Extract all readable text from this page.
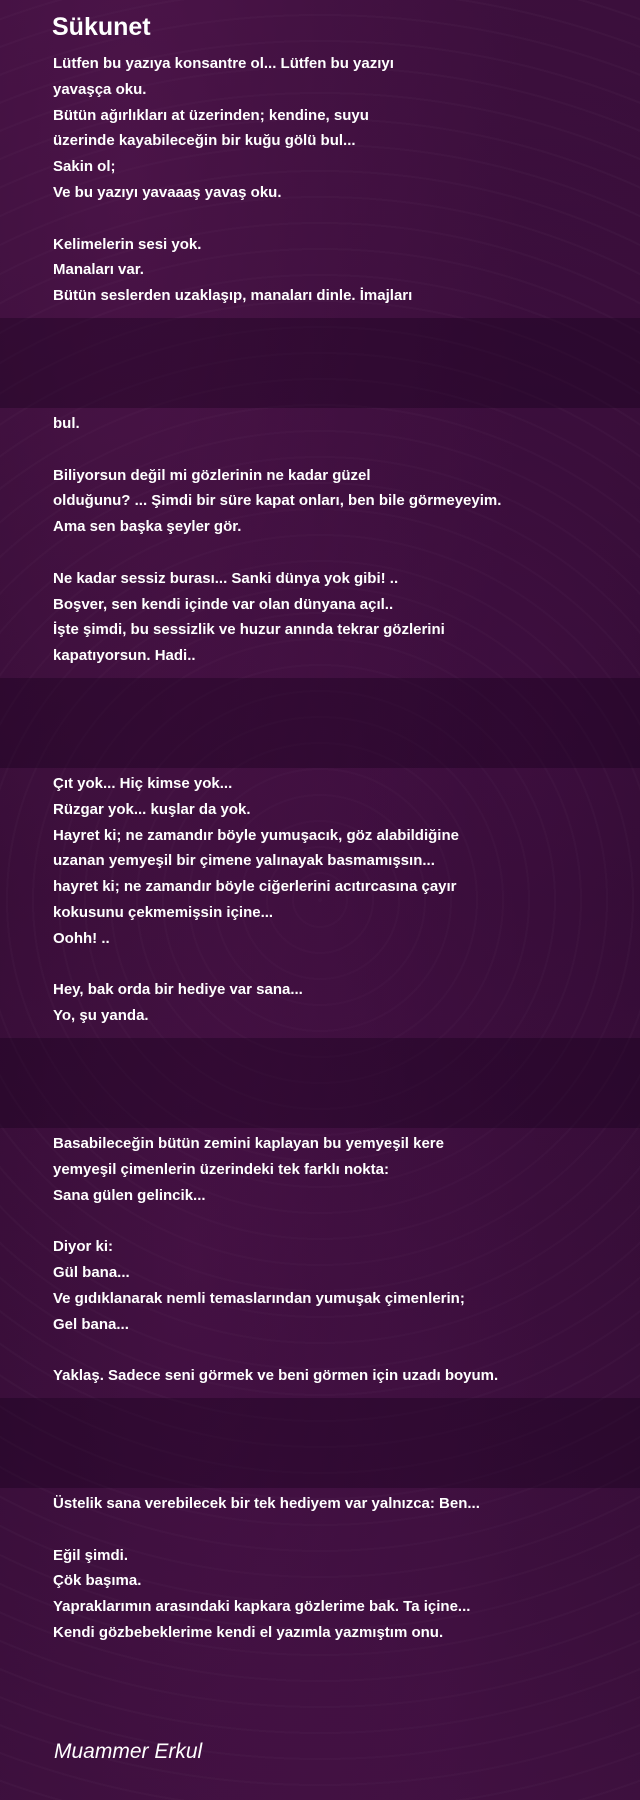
Sükunet
Lütfen bu yazıya konsantre ol... Lütfen bu yazıyı
yavaşça oku.
Bütün ağırlıkları at üzerinden; kendine, suyu
üzerinde kayabileceğin bir kuğu gölü bul...
Sakin ol;
Ve bu yazıyı yavaaaş yavaş oku.
Kelimelerin sesi yok.
Manaları var.
Bütün seslerden uzaklaşıp, manaları dinle. İmajları
bul.
Biliyorsun değil mi gözlerinin ne kadar güzel
olduğunu? ... Şimdi bir süre kapat onları, ben bile görmeyeyim.
Ama sen başka şeyler gör.
Ne kadar sessiz burası... Sanki dünya yok gibi! ..
Boşver, sen kendi içinde var olan dünyana açıl..
İşte şimdi, bu sessizlik ve huzur anında tekrar gözlerini
kapatıyorsun. Hadi..
Çıt yok... Hiç kimse yok...
Rüzgar yok... kuşlar da yok.
Hayret ki; ne zamandır böyle yumuşacık, göz alabildiğine
uzanan yemyeşil bir çimene yalınayak basmamışsın...
hayret ki; ne zamandır böyle ciğerlerini acıtırcasına çayır
kokusunu çekmemişsin içine...
Oohh! ..
Hey, bak orda bir hediye var sana...
Yo, şu yanda.
Basabileceğin bütün zemini kaplayan bu yemyeşil kere
yemyeşil çimenlerin üzerindeki tek farklı nokta:
Sana gülen gelincik...
Diyor ki:
Gül bana...
Ve gıdıklanarak nemli temaslarından yumuşak çimenlerin;
Gel bana...
Yaklaş. Sadece seni görmek ve beni görmen için uzadı boyum.
Üstelik sana verebilecek bir tek hediyem var yalnızca: Ben...
Eğil şimdi.
Çök başıma.
Yapraklarımın arasındaki kapkara gözlerime bak. Ta içine...
Kendi gözbebeklerime kendi el yazımla yazmıştım onu.
Muammer Erkul
